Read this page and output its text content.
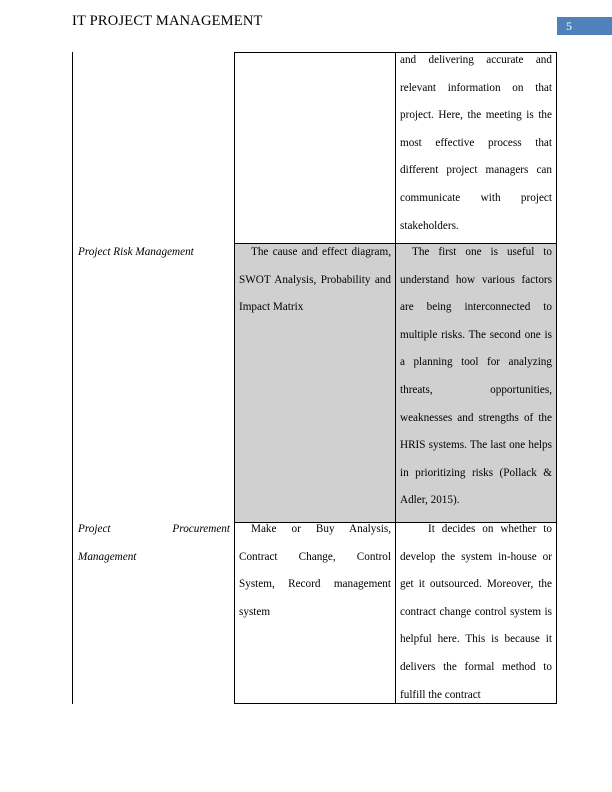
IT PROJECT MANAGEMENT	5
and delivering accurate and relevant information on that project. Here, the meeting is the most effective process that different project managers can communicate with project stakeholders.
Project Risk Management	The cause and effect diagram, SWOT Analysis, Probability and Impact Matrix
The first one is useful to understand how various factors are being interconnected to multiple risks. The second one is a planning tool for analyzing threats, opportunities, weaknesses and strengths of the HRIS systems. The last one helps in prioritizing risks (Pollack & Adler, 2015).
Project Procurement Management
Make or Buy Analysis, Contract Change, Control System, Record management system
It decides on whether to develop the system in-house or get it outsourced. Moreover, the contract change control system is helpful here. This is because it delivers the formal method to fulfill the contract
